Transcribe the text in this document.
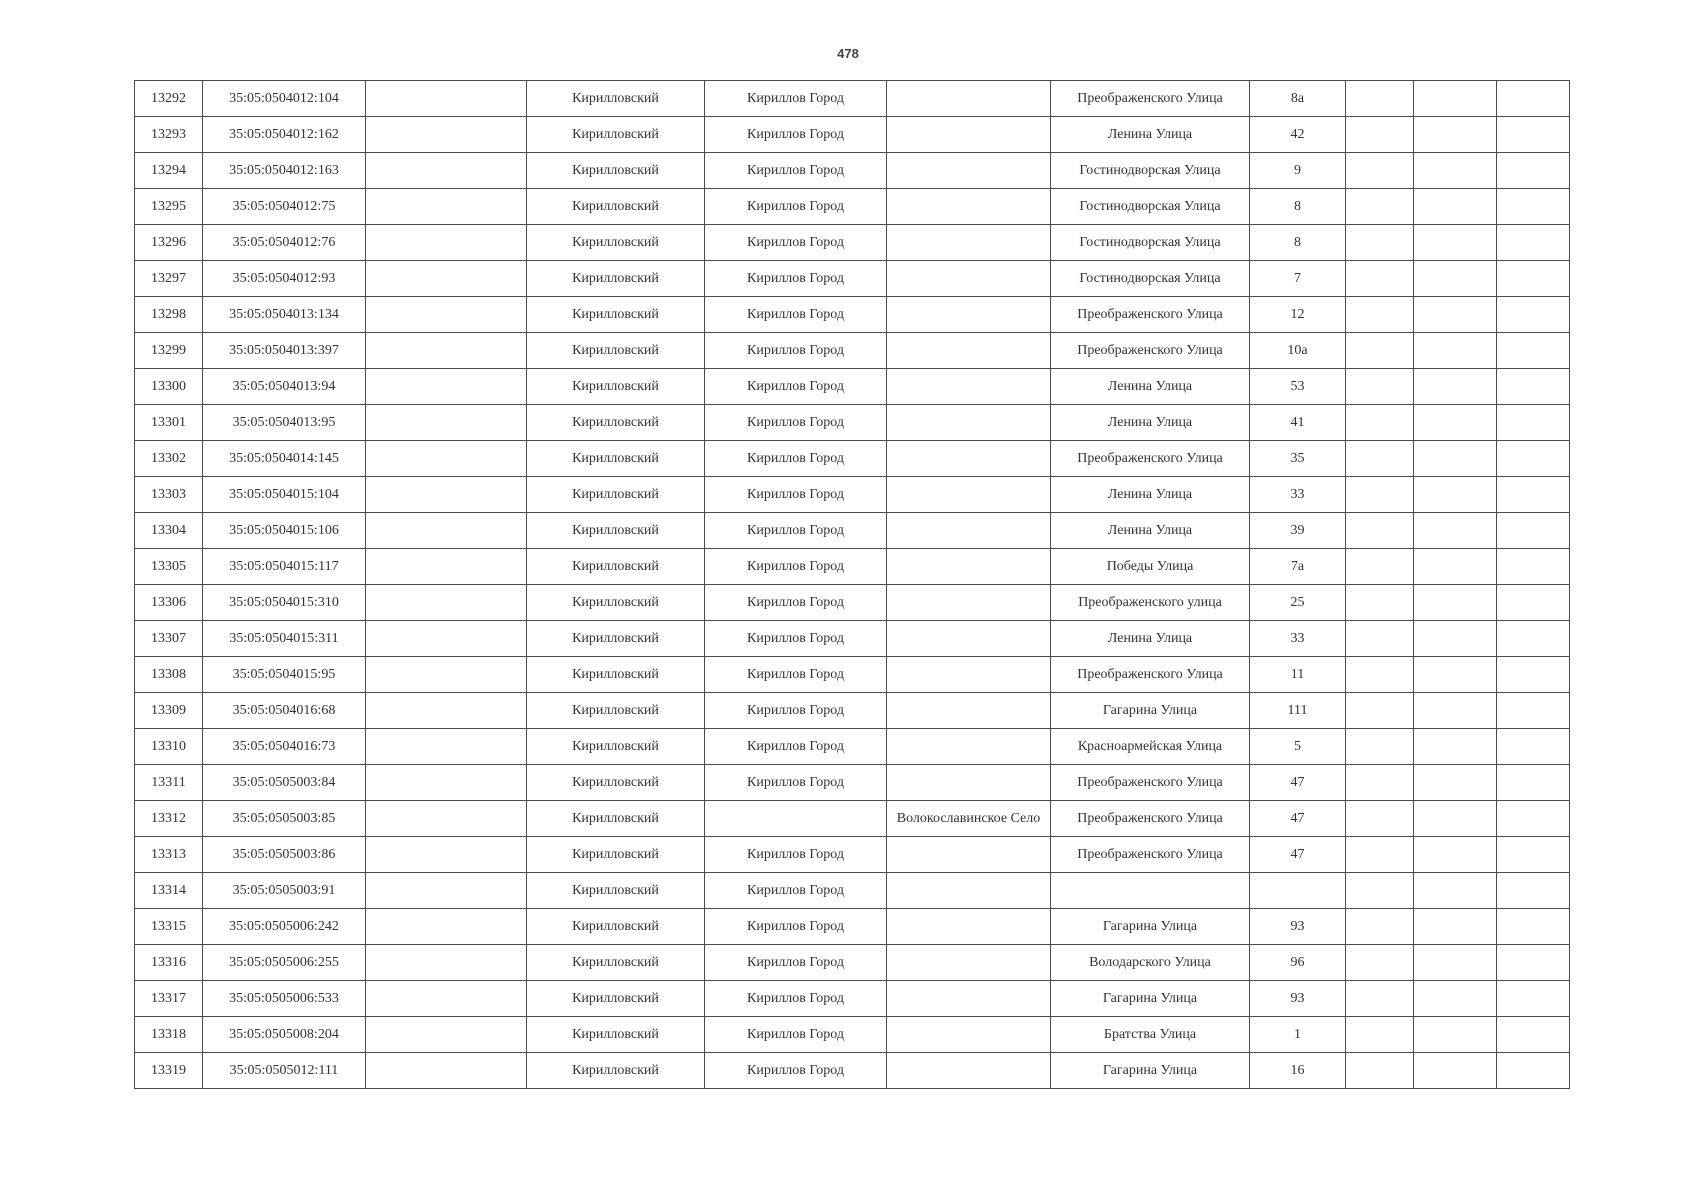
478
13292	35:05:0504012:104		Кирилловский	Кириллов Город		Преображенского Улица	8а			
13293	35:05:0504012:162		Кирилловский	Кириллов Город		Ленина Улица	42			
13294	35:05:0504012:163		Кирилловский	Кириллов Город		Гостинодворская Улица	9			
13295	35:05:0504012:75		Кирилловский	Кириллов Город		Гостинодворская Улица	8			
13296	35:05:0504012:76		Кирилловский	Кириллов Город		Гостинодворская Улица	8			
13297	35:05:0504012:93		Кирилловский	Кириллов Город		Гостинодворская Улица	7			
13298	35:05:0504013:134		Кирилловский	Кириллов Город		Преображенского Улица	12			
13299	35:05:0504013:397		Кирилловский	Кириллов Город		Преображенского Улица	10а			
13300	35:05:0504013:94		Кирилловский	Кириллов Город		Ленина Улица	53			
13301	35:05:0504013:95		Кирилловский	Кириллов Город		Ленина Улица	41			
13302	35:05:0504014:145		Кирилловский	Кириллов Город		Преображенского Улица	35			
13303	35:05:0504015:104		Кирилловский	Кириллов Город		Ленина Улица	33			
13304	35:05:0504015:106		Кирилловский	Кириллов Город		Ленина Улица	39			
13305	35:05:0504015:117		Кирилловский	Кириллов Город		Победы Улица	7а			
13306	35:05:0504015:310		Кирилловский	Кириллов Город		Преображенского улица	25			
13307	35:05:0504015:311		Кирилловский	Кириллов Город		Ленина Улица	33			
13308	35:05:0504015:95		Кирилловский	Кириллов Город		Преображенского Улица	11			
13309	35:05:0504016:68		Кирилловский	Кириллов Город		Гагарина Улица	111			
13310	35:05:0504016:73		Кирилловский	Кириллов Город		Красноармейская Улица	5			
13311	35:05:0505003:84		Кирилловский	Кириллов Город		Преображенского Улица	47			
13312	35:05:0505003:85		Кирилловский		Волокославинское Село	Преображенского Улица	47			
13313	35:05:0505003:86		Кирилловский	Кириллов Город		Преображенского Улица	47			
13314	35:05:0505003:91		Кирилловский	Кириллов Город						
13315	35:05:0505006:242		Кирилловский	Кириллов Город		Гагарина Улица	93			
13316	35:05:0505006:255		Кирилловский	Кириллов Город		Володарского Улица	96			
13317	35:05:0505006:533		Кирилловский	Кириллов Город		Гагарина Улица	93			
13318	35:05:0505008:204		Кирилловский	Кириллов Город		Братства Улица	1			
13319	35:05:0505012:111		Кирилловский	Кириллов Город		Гагарина Улица	16			
